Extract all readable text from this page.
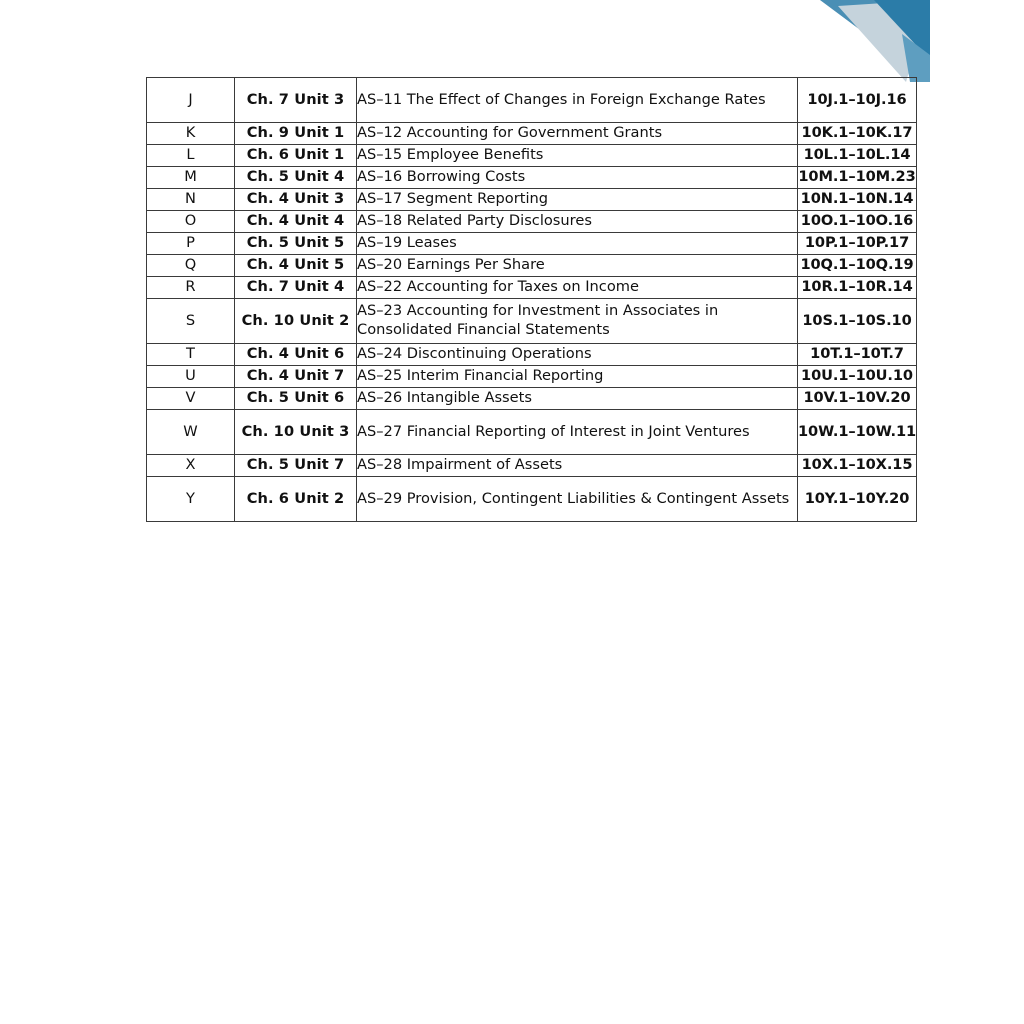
J	Ch. 7 Unit 3	AS–11 The Effect of Changes in Foreign Exchange Rates	10J.1–10J.16
K	Ch. 9 Unit 1	AS–12 Accounting for Government Grants	10K.1–10K.17
L	Ch. 6 Unit 1	AS–15 Employee Benefits	10L.1–10L.14
M	Ch. 5 Unit 4	AS–16 Borrowing Costs	10M.1–10M.23
N	Ch. 4 Unit 3	AS–17 Segment Reporting	10N.1–10N.14
O	Ch. 4 Unit 4	AS–18 Related Party Disclosures	10O.1–10O.16
P	Ch. 5 Unit 5	AS–19 Leases	10P.1–10P.17
Q	Ch. 4 Unit 5	AS–20 Earnings Per Share	10Q.1–10Q.19
R	Ch. 7 Unit 4	AS–22 Accounting for Taxes on Income	10R.1–10R.14
S	Ch. 10 Unit 2	AS–23 Accounting for Investment in Associates in Consolidated Financial Statements	10S.1–10S.10
T	Ch. 4 Unit 6	AS–24 Discontinuing Operations	10T.1–10T.7
U	Ch. 4 Unit 7	AS–25 Interim Financial Reporting	10U.1–10U.10
V	Ch. 5 Unit 6	AS–26 Intangible Assets	10V.1–10V.20
W	Ch. 10 Unit 3	AS–27 Financial Reporting of Interest in Joint Ventures	10W.1–10W.11
X	Ch. 5 Unit 7	AS–28 Impairment of Assets	10X.1–10X.15
Y	Ch. 6 Unit 2	AS–29 Provision, Contingent Liabilities & Contingent Assets	10Y.1–10Y.20
